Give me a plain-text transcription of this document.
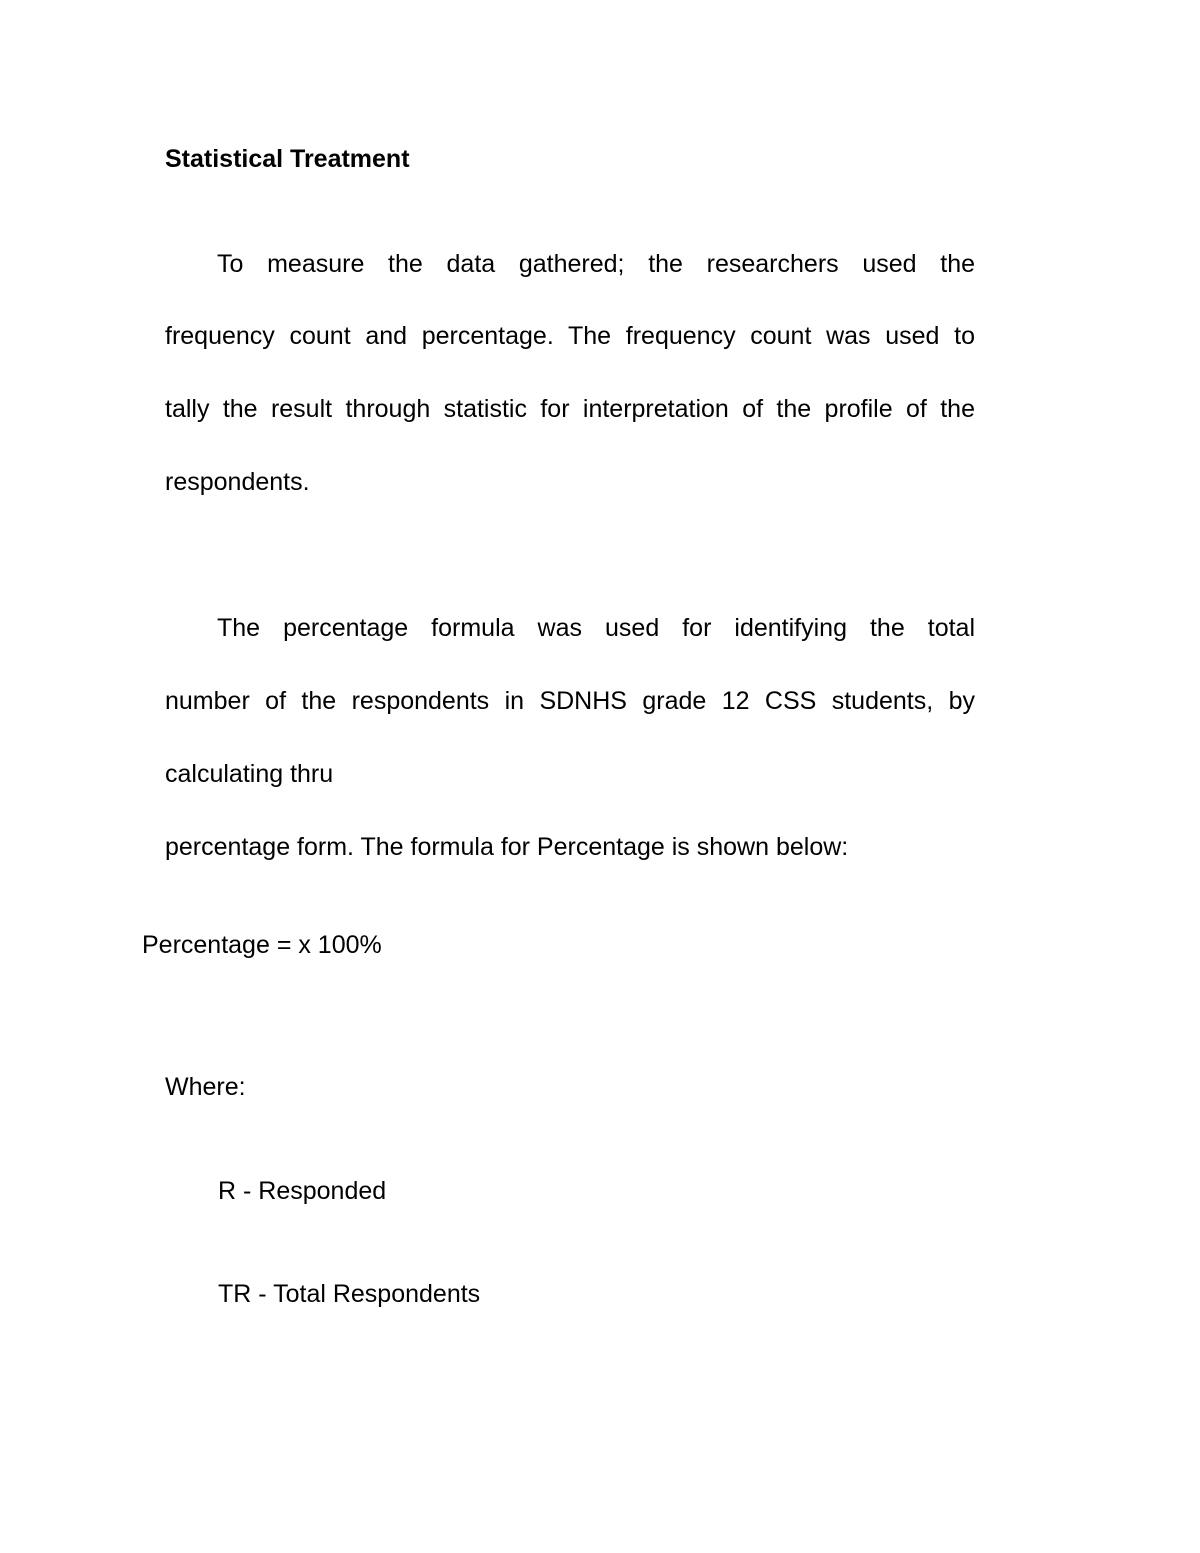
Statistical Treatment
To measure the data gathered; the researchers used the
frequency count and percentage. The frequency count was used to
tally the result through statistic for interpretation of the profile of the
respondents.
The percentage formula was used for identifying the total
number of the respondents in SDNHS grade 12 CSS students, by
calculating thru
percentage form. The formula for Percentage is shown below:
Percentage = x 100%
Where:
R - Responded
TR - Total Respondents
